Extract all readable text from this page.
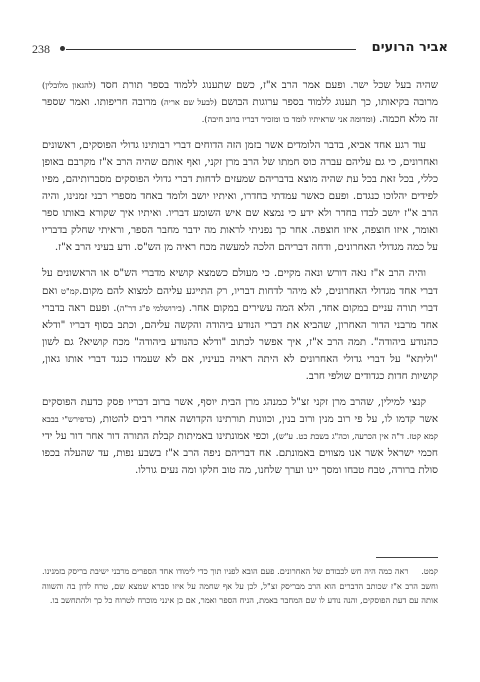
238	אביר הרועים

שהיה בעל שכל ישר. ופעם אמר הרב א"ז, כשם שתענוג ללמוד בספר תורת חסד (להגאון מלובלין) מרובה בקיאותו, כך תענוג ללמוד בספר ערוגות הבושם (לבעל שם אריה) מרובה חריפותו. ואמר שספר זה מלא חכמה. (ומדומה אני שראיתיו לומד בו ומזכיר דבריו ברוב חיבה).

עוד רגע אחד אביא, בדבר הלומדים אשר בזמן הזה הדוחים דברי רבותינו גדולי הפוסקים, ראשונים ואחרונים, כי גם עליהם עברה כוס חמתו של הרב מרן זקני, ואף אותם שהיה הרב א"ז מקרבם באופן כללי, בכל זאת בכל עת שהיה מוצא בדבריהם שמעזים לדחות דברי גדולי הפוסקים מסברותיהם, מפיו לפידים יהלוכו כנגדם. ופעם כאשר עמדתי בחדרו, ואיתיו יושב ולומד באחד מספרי רבני זמנינו, והיה הרב א"ז יושב לבדו בחדר ולא ידע כי נמצא שם איש השומע דבריו. ואיתיו איך שקורא באותו ספר ואומר, איזו חוצפה, איזו חוצפה. אחר כך נפניתי לראות מה ידבר מחבר הספר, וראיתי שחלק בדבריו על כמה מגדולי האחרונים, ודחה דבריהם הלכה למעשה מכח ראיה מן הש"ס. ודע בעיני הרב א"ז.

והיה הרב א"ז נאה דורש ונאה מקיים. כי מעולם כשמצא קושיא מדברי הש"ס או הראשונים על דברי אחד מגדולי האחרונים, לא מיהר לדחות דבריו, רק התייגע עליהם למצוא להם מקום.קמ"ט ואם דברי תורה עניים במקום אחד, הלא המה עשירים במקום אחר. (בירושלמי פ"ג דר"ה). ופעם ראה בדברי אחד מרבני הדור האחרון, שהביא את דברי הנודע ביהודה והקשה עליהם, וכתב בסוף דבריו "ודלא כהנודע ביהודה". תמה הרב א"ז, איך אפשר לכתוב "ודלא כהנודע ביהודה" מכח קושיא? גם לשון "וליתא" על דברי גדולי האחרונים לא היתה ראויה בעיניו, אם לא שעמדו כנגד דברי אותו גאון, קושיות חדות כגדודים שולפי חרב.

קנצי למילין, שהרב מרן זקני זצ"ל כמנהג מרן הבית יוסף, אשר ברוב דבריו פסק כדעת הפוסקים אשר קדמו לו, על פי רוב מנין ורוב בנין, וכוונות תורתינו הקדושה אחרי רבים להטות, (כדפירש"י בבבא קמא קטז. ד"ה אין הכרעה, וכה"ג בשבת כט. ע"ש), וכפי אמונתינו באמיתות קבלת התורה דור אחר דור על ידי חכמי ישראל אשר אנו מצווים באמונתם. אח דבריהם ניפה הרב א"ז בשבע נפות, עד שהעלה בכפו סולת ברורה, טבח טבחו ומסך יינו וערך שלחנו, מה טוב חלקו ומה נעים גורלו.

קמט. ראה כמה היה חש לכבודם של האחרונים. פעם הובא לפניו תוך כדי לימודו אחד הספרים מרבני ישיבת בריסק בזמנינו. וחשב הרב א"ז שכותב הדברים הוא הרב מבריסק זצ"ל, לכן על אף שחמה על איזו סברא שמצא שם, טרח לדון בה והשווה אותה עם דעת הפוסקים, והנה נודע לו שם המחבר באמת, הניח הספר ואמר, אם כן אינני מוכרח לטרוח כל כך ולהתחשב בו.
